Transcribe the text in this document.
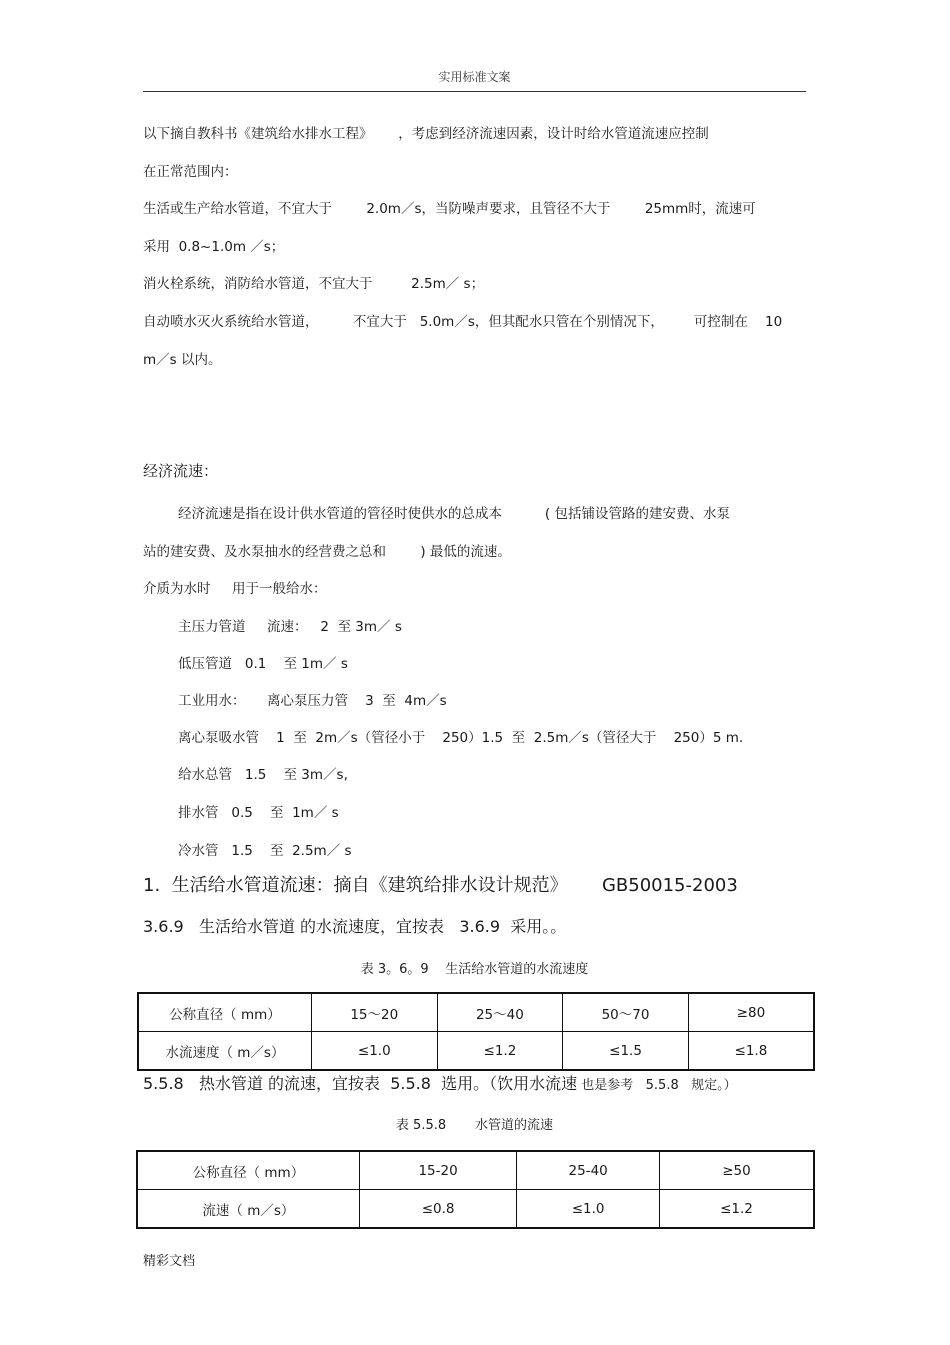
实用标准文案
以下摘自教科书《建筑给水排水工程》      ，考虑到经济流速因素，设计时给水管道流速应控制
在正常范围内：
生活或生产给水管道，不宜大于        2.0m／s，当防噪声要求，且管径不大于        25mm时，流速可
采用  0.8~1.0m ／s；
消火栓系统，消防给水管道，不宜大于         2.5m／ s；
自动喷水灭火系统给水管道，        不宜大于   5.0m／s，但其配水只管在个别情况下，       可控制在    10
m／s 以内。
经济流速：
经济流速是指在设计供水管道的管径时使供水的总成本          ( 包括铺设管路的建安费、水泵
站的建安费、及水泵抽水的经营费之总和        ) 最低的流速。
介质为水时     用于一般给水：
主压力管道     流速：   2  至 3m／ s
低压管道   0.1    至 1m／ s
工业用水：     离心泵压力管    3  至  4m／s
离心泵吸水管    1  至  2m／s（管径小于    250）1.5  至  2.5m／s（管径大于    250）5 m.
给水总管   1.5    至 3m／s,
排水管   0.5    至  1m／ s
冷水管   1.5    至  2.5m／ s
1.  生活给水管道流速：摘自《建筑给排水设计规范》      GB50015-2003
3.6.9   生活给水管道 的水流速度，宜按表   3.6.9  采用。。
表 3。6。9    生活给水管道的水流速度
公称直径（ mm）	15～20	25～40	50～70	≥80
水流速度（ m／s）	≤1.0	≤1.2	≤1.5	≤1.8
5.5.8   热水管道 的流速，宜按表  5.5.8  选用。（饮用水流速 也是参考   5.5.8   规定。）
表 5.5.8       水管道的流速
公称直径（ mm）	15-20	25-40	≥50
流速（ m／s）	≤0.8	≤1.0	≤1.2
精彩文档
